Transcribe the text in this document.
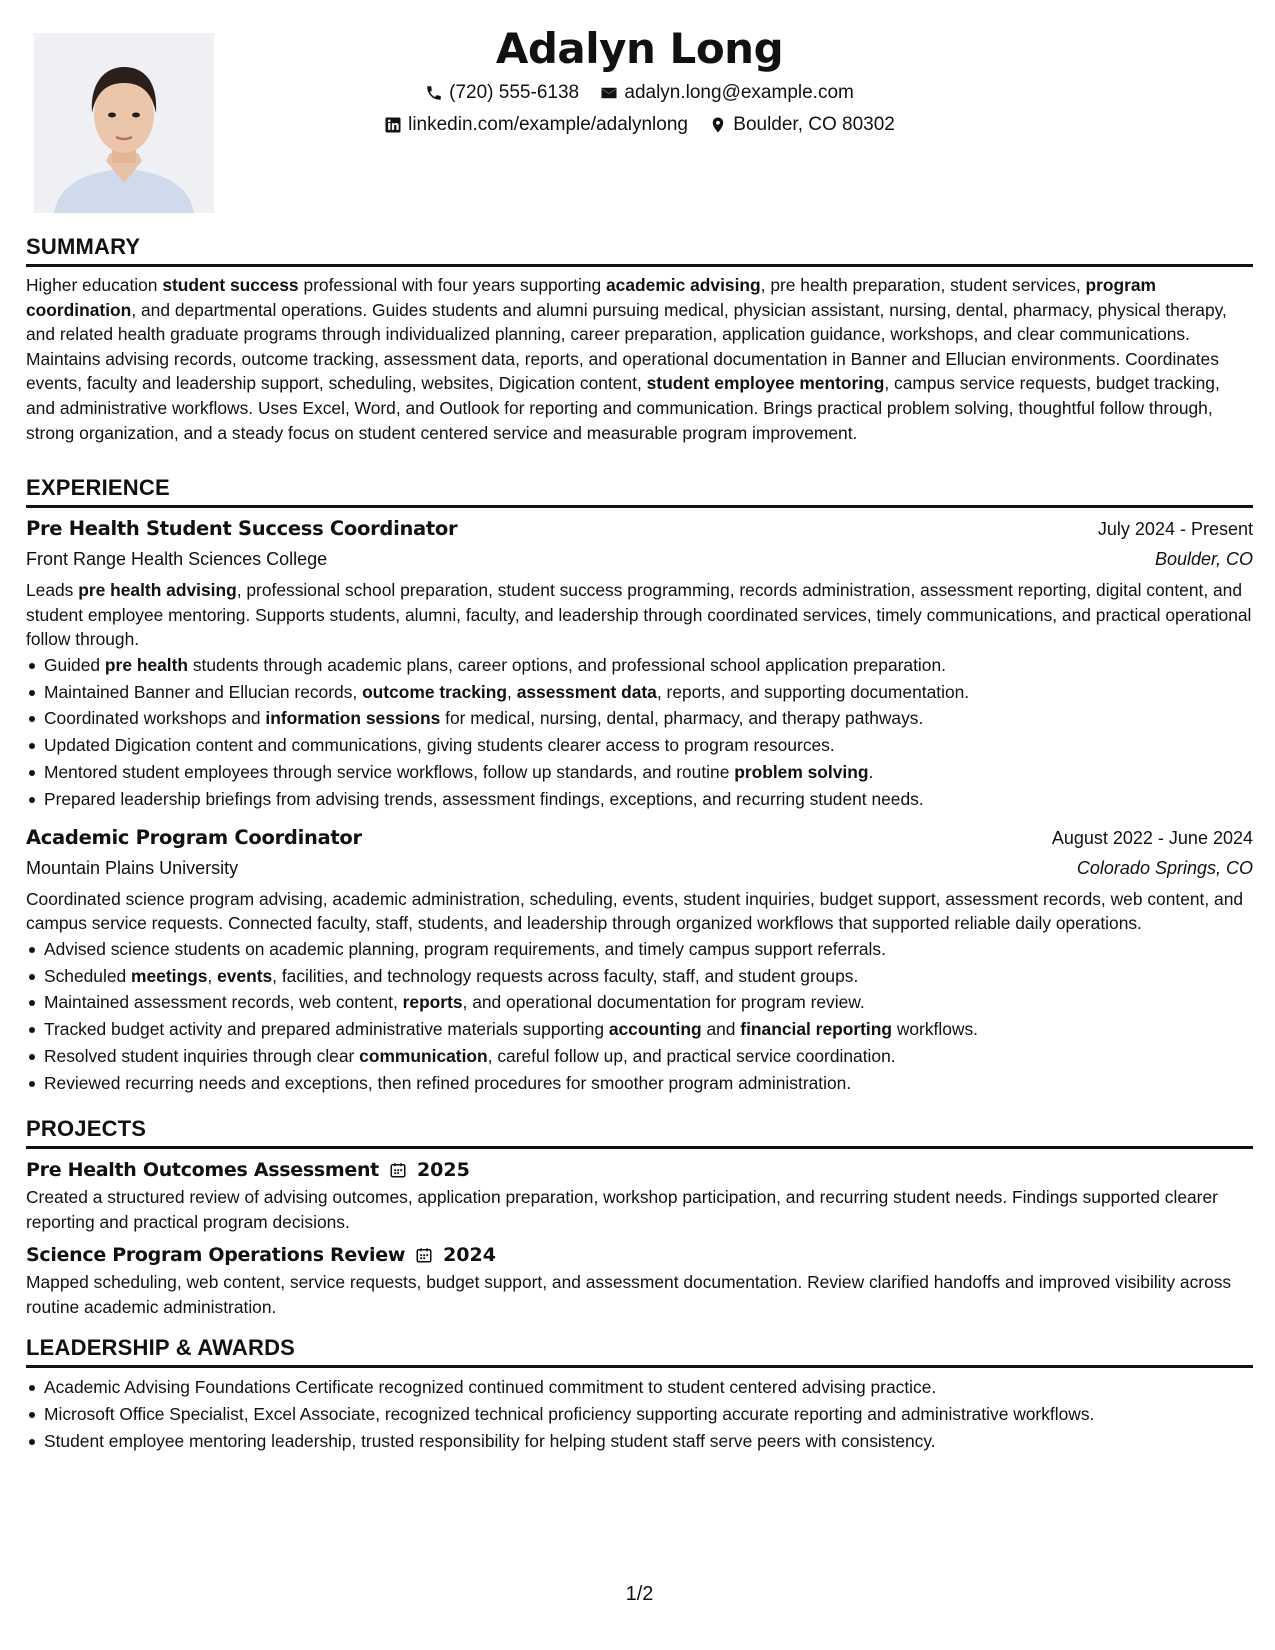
Adalyn Long
(720) 555-6138
adalyn.long@example.com
linkedin.com/example/adalynlong
Boulder, CO 80302
SUMMARY

Higher education student success professional with four years supporting academic advising, pre health preparation, student services, program coordination, and departmental operations. Guides students and alumni pursuing medical, physician assistant, nursing, dental, pharmacy, physical therapy, and related health graduate programs through individualized planning, career preparation, application guidance, workshops, and clear communications. Maintains advising records, outcome tracking, assessment data, reports, and operational documentation in Banner and Ellucian environments. Coordinates events, faculty and leadership support, scheduling, websites, Digication content, student employee mentoring, campus service requests, budget tracking, and administrative workflows. Uses Excel, Word, and Outlook for reporting and communication. Brings practical problem solving, thoughtful follow through, strong organization, and a steady focus on student centered service and measurable program improvement.

EXPERIENCE
Pre Health Student Success Coordinator	July 2024 - Present
Front Range Health Sciences College	Boulder, CO

Leads pre health advising, professional school preparation, student success programming, records administration, assessment reporting, digital content, and student employee mentoring. Supports students, alumni, faculty, and leadership through coordinated services, timely communications, and practical operational follow through.

Guided pre health students through academic plans, career options, and professional school application preparation.
Maintained Banner and Ellucian records, outcome tracking, assessment data, reports, and supporting documentation.
Coordinated workshops and information sessions for medical, nursing, dental, pharmacy, and therapy pathways.
Updated Digication content and communications, giving students clearer access to program resources.
Mentored student employees through service workflows, follow up standards, and routine problem solving.
Prepared leadership briefings from advising trends, assessment findings, exceptions, and recurring student needs.
Academic Program Coordinator	August 2022 - June 2024
Mountain Plains University	Colorado Springs, CO

Coordinated science program advising, academic administration, scheduling, events, student inquiries, budget support, assessment records, web content, and campus service requests. Connected faculty, staff, students, and leadership through organized workflows that supported reliable daily operations.

Advised science students on academic planning, program requirements, and timely campus support referrals.
Scheduled meetings, events, facilities, and technology requests across faculty, staff, and student groups.
Maintained assessment records, web content, reports, and operational documentation for program review.
Tracked budget activity and prepared administrative materials supporting accounting and financial reporting workflows.
Resolved student inquiries through clear communication, careful follow up, and practical service coordination.
Reviewed recurring needs and exceptions, then refined procedures for smoother program administration.
PROJECTS
Pre Health Outcomes Assessment 2025

Created a structured review of advising outcomes, application preparation, workshop participation, and recurring student needs. Findings supported clearer reporting and practical program decisions.

Science Program Operations Review 2024

Mapped scheduling, web content, service requests, budget support, and assessment documentation. Review clarified handoffs and improved visibility across routine academic administration.

LEADERSHIP & AWARDS
Academic Advising Foundations Certificate recognized continued commitment to student centered advising practice.
Microsoft Office Specialist, Excel Associate, recognized technical proficiency supporting accurate reporting and administrative workflows.
Student employee mentoring leadership, trusted responsibility for helping student staff serve peers with consistency.
1/2
